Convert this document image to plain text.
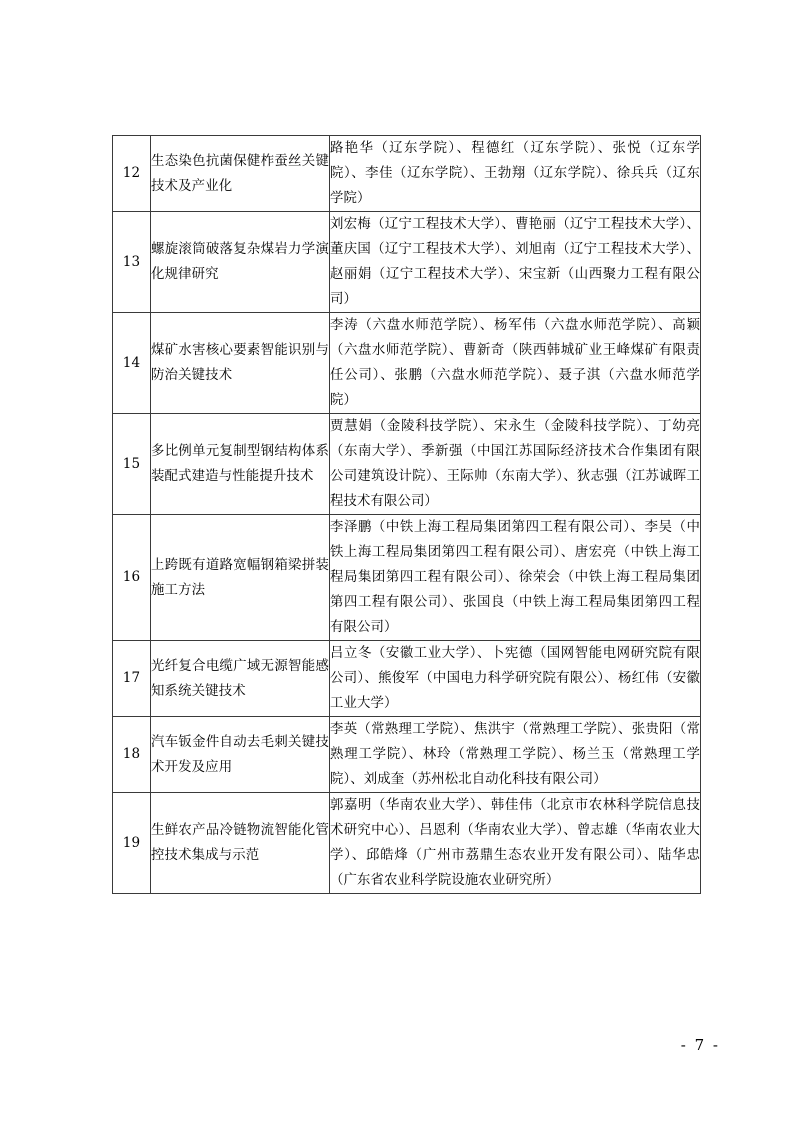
12	生态染色抗菌保健柞蚕丝关键技术及产业化	路艳华（辽东学院）、程德红（辽东学院）、张悦（辽东学院）、李佳（辽东学院）、王勃翔（辽东学院）、徐兵兵（辽东学院）
13	螺旋滚筒破落复杂煤岩力学演化规律研究	刘宏梅（辽宁工程技术大学）、曹艳丽（辽宁工程技术大学）、董庆国（辽宁工程技术大学）、刘旭南（辽宁工程技术大学）、赵丽娟（辽宁工程技术大学）、宋宝新（山西聚力工程有限公司）
14	煤矿水害核心要素智能识别与防治关键技术	李涛（六盘水师范学院）、杨军伟（六盘水师范学院）、高颖（六盘水师范学院）、曹新奇（陕西韩城矿业王峰煤矿有限责任公司）、张鹏（六盘水师范学院）、聂子淇（六盘水师范学院）
15	多比例单元复制型钢结构体系装配式建造与性能提升技术	贾慧娟（金陵科技学院）、宋永生（金陵科技学院）、丁幼亮（东南大学）、季新强（中国江苏国际经济技术合作集团有限公司建筑设计院）、王际帅（东南大学）、狄志强（江苏诚晖工程技术有限公司）
16	上跨既有道路宽幅钢箱梁拼装施工方法	李泽鹏（中铁上海工程局集团第四工程有限公司）、李吴（中铁上海工程局集团第四工程有限公司）、唐宏亮（中铁上海工程局集团第四工程有限公司）、徐荣会（中铁上海工程局集团第四工程有限公司）、张国良（中铁上海工程局集团第四工程有限公司）
17	光纤复合电缆广域无源智能感知系统关键技术	吕立冬（安徽工业大学）、卜宪德（国网智能电网研究院有限公司）、熊俊军（中国电力科学研究院有限公）、杨红伟（安徽工业大学）
18	汽车钣金件自动去毛刺关键技术开发及应用	李英（常熟理工学院）、焦洪宇（常熟理工学院）、张贵阳（常熟理工学院）、林玲（常熟理工学院）、杨兰玉（常熟理工学院）、刘成奎（苏州松北自动化科技有限公司）
19	生鲜农产品冷链物流智能化管控技术集成与示范	郭嘉明（华南农业大学）、韩佳伟（北京市农林科学院信息技术研究中心）、吕恩利（华南农业大学）、曾志雄（华南农业大学）、邱皓烽（广州市荔鼎生态农业开发有限公司）、陆华忠（广东省农业科学院设施农业研究所）
- 7 -
